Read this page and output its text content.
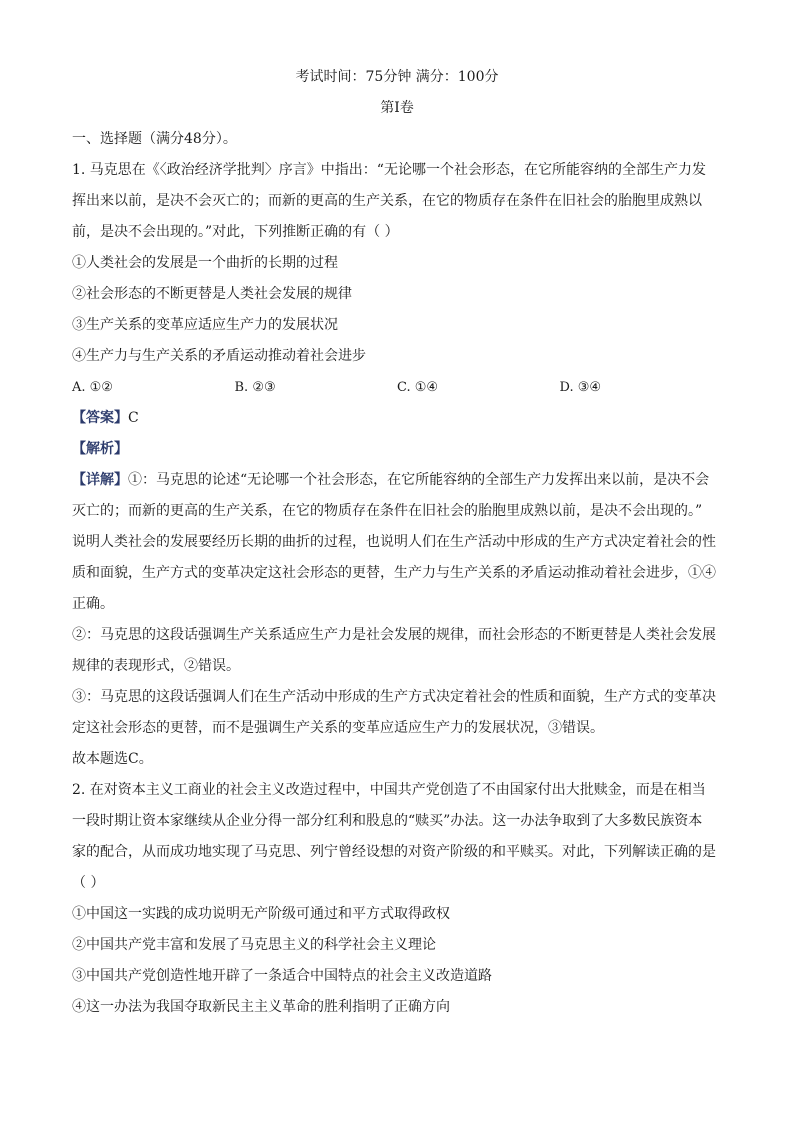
考试时间：75分钟 满分：100分
第Ⅰ卷
一、选择题（满分48分）。
1. 马克思在《〈政治经济学批判〉序言》中指出：“无论哪一个社会形态，在它所能容纳的全部生产力发
挥出来以前，是决不会灭亡的；而新的更高的生产关系，在它的物质存在条件在旧社会的胎胞里成熟以
前，是决不会出现的。”对此，下列推断正确的有（ ）
①人类社会的发展是一个曲折的长期的过程
②社会形态的不断更替是人类社会发展的规律
③生产关系的变革应适应生产力的发展状况
④生产力与生产关系的矛盾运动推动着社会进步
A. ①②	B. ②③	C. ①④	D. ③④
【答案】C
【解析】
【详解】①：马克思的论述“无论哪一个社会形态，在它所能容纳的全部生产力发挥出来以前，是决不会
灭亡的；而新的更高的生产关系，在它的物质存在条件在旧社会的胎胞里成熟以前，是决不会出现的。”
说明人类社会的发展要经历长期的曲折的过程，也说明人们在生产活动中形成的生产方式决定着社会的性
质和面貌，生产方式的变革决定这社会形态的更替，生产力与生产关系的矛盾运动推动着社会进步，①④
正确。
②：马克思的这段话强调生产关系适应生产力是社会发展的规律，而社会形态的不断更替是人类社会发展
规律的表现形式，②错误。
③：马克思的这段话强调人们在生产活动中形成的生产方式决定着社会的性质和面貌，生产方式的变革决
定这社会形态的更替，而不是强调生产关系的变革应适应生产力的发展状况，③错误。
故本题选C。
2. 在对资本主义工商业的社会主义改造过程中，中国共产党创造了不由国家付出大批赎金，而是在相当
一段时期让资本家继续从企业分得一部分红利和股息的“赎买”办法。这一办法争取到了大多数民族资本
家的配合，从而成功地实现了马克思、列宁曾经设想的对资产阶级的和平赎买。对此，下列解读正确的是
（ ）
①中国这一实践的成功说明无产阶级可通过和平方式取得政权
②中国共产党丰富和发展了马克思主义的科学社会主义理论
③中国共产党创造性地开辟了一条适合中国特点的社会主义改造道路
④这一办法为我国夺取新民主主义革命的胜利指明了正确方向
